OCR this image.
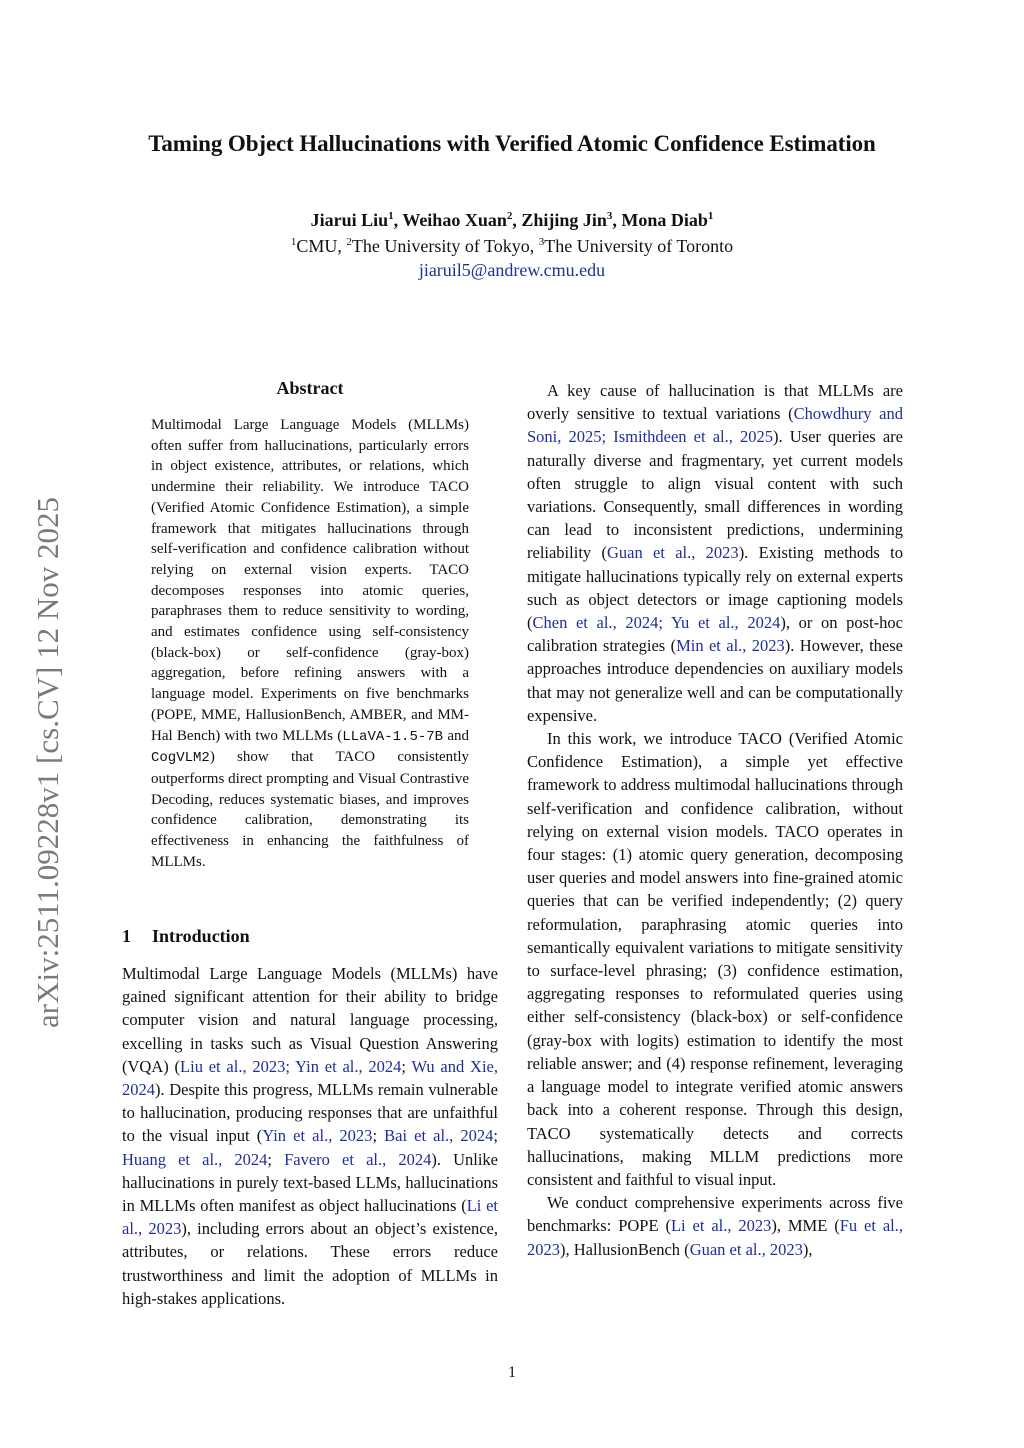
arXiv:2511.09228v1 [cs.CV] 12 Nov 2025
Taming Object Hallucinations with Verified Atomic Confidence Estimation
Jiarui Liu$^1$, Weihao Xuan$^2$, Zhijing Jin$^3$, Mona Diab$^1$
$^1$CMU, $^2$The University of Tokyo, $^3$The University of Toronto
jiaruil5@andrew.cmu.edu
Abstract

Multimodal Large Language Models (MLLMs) often suffer from hallucinations, particularly errors in object existence, attributes, or relations, which undermine their reliability. We introduce TACO (Verified Atomic Confidence Estimation), a simple framework that mitigates hallucinations through self-verification and confidence calibration without relying on external vision experts. TACO decomposes responses into atomic queries, paraphrases them to reduce sensitivity to wording, and estimates confidence using self-consistency (black-box) or self-confidence (gray-box) aggregation, before refining answers with a language model. Experiments on five benchmarks (POPE, MME, HallusionBench, AMBER, and MM-Hal Bench) with two MLLMs (LLaVA-1.5-7B and CogVLM2) show that TACO consistently outperforms direct prompting and Visual Contrastive Decoding, reduces systematic biases, and improves confidence calibration, demonstrating its effectiveness in enhancing the faithfulness of MLLMs.

1 Introduction

Multimodal Large Language Models (MLLMs) have gained significant attention for their ability to bridge computer vision and natural language processing, excelling in tasks such as Visual Question Answering (VQA) (Liu et al., 2023; Yin et al., 2024; Wu and Xie, 2024). Despite this progress, MLLMs remain vulnerable to hallucination, producing responses that are unfaithful to the visual input (Yin et al., 2023; Bai et al., 2024; Huang et al., 2024; Favero et al., 2024). Unlike hallucinations in purely text-based LLMs, hallucinations in MLLMs often manifest as object hallucinations (Li et al., 2023), including errors about an object’s existence, attributes, or relations. These errors reduce trustworthiness and limit the adoption of MLLMs in high-stakes applications.

A key cause of hallucination is that MLLMs are overly sensitive to textual variations (Chowdhury and Soni, 2025; Ismithdeen et al., 2025). User queries are naturally diverse and fragmentary, yet current models often struggle to align visual content with such variations. Consequently, small differences in wording can lead to inconsistent predictions, undermining reliability (Guan et al., 2023). Existing methods to mitigate hallucinations typically rely on external experts such as object detectors or image captioning models (Chen et al., 2024; Yu et al., 2024), or on post-hoc calibration strategies (Min et al., 2023). However, these approaches introduce dependencies on auxiliary models that may not generalize well and can be computationally expensive.

In this work, we introduce TACO (Verified Atomic Confidence Estimation), a simple yet effective framework to address multimodal hallucinations through self-verification and confidence calibration, without relying on external vision models. TACO operates in four stages: (1) atomic query generation, decomposing user queries and model answers into fine-grained atomic queries that can be verified independently; (2) query reformulation, paraphrasing atomic queries into semantically equivalent variations to mitigate sensitivity to surface-level phrasing; (3) confidence estimation, aggregating responses to reformulated queries using either self-consistency (black-box) or self-confidence (gray-box with logits) estimation to identify the most reliable answer; and (4) response refinement, leveraging a language model to integrate verified atomic answers back into a coherent response. Through this design, TACO systematically detects and corrects hallucinations, making MLLM predictions more consistent and faithful to visual input.

We conduct comprehensive experiments across five benchmarks: POPE (Li et al., 2023), MME (Fu et al., 2023), HallusionBench (Guan et al., 2023),

1
